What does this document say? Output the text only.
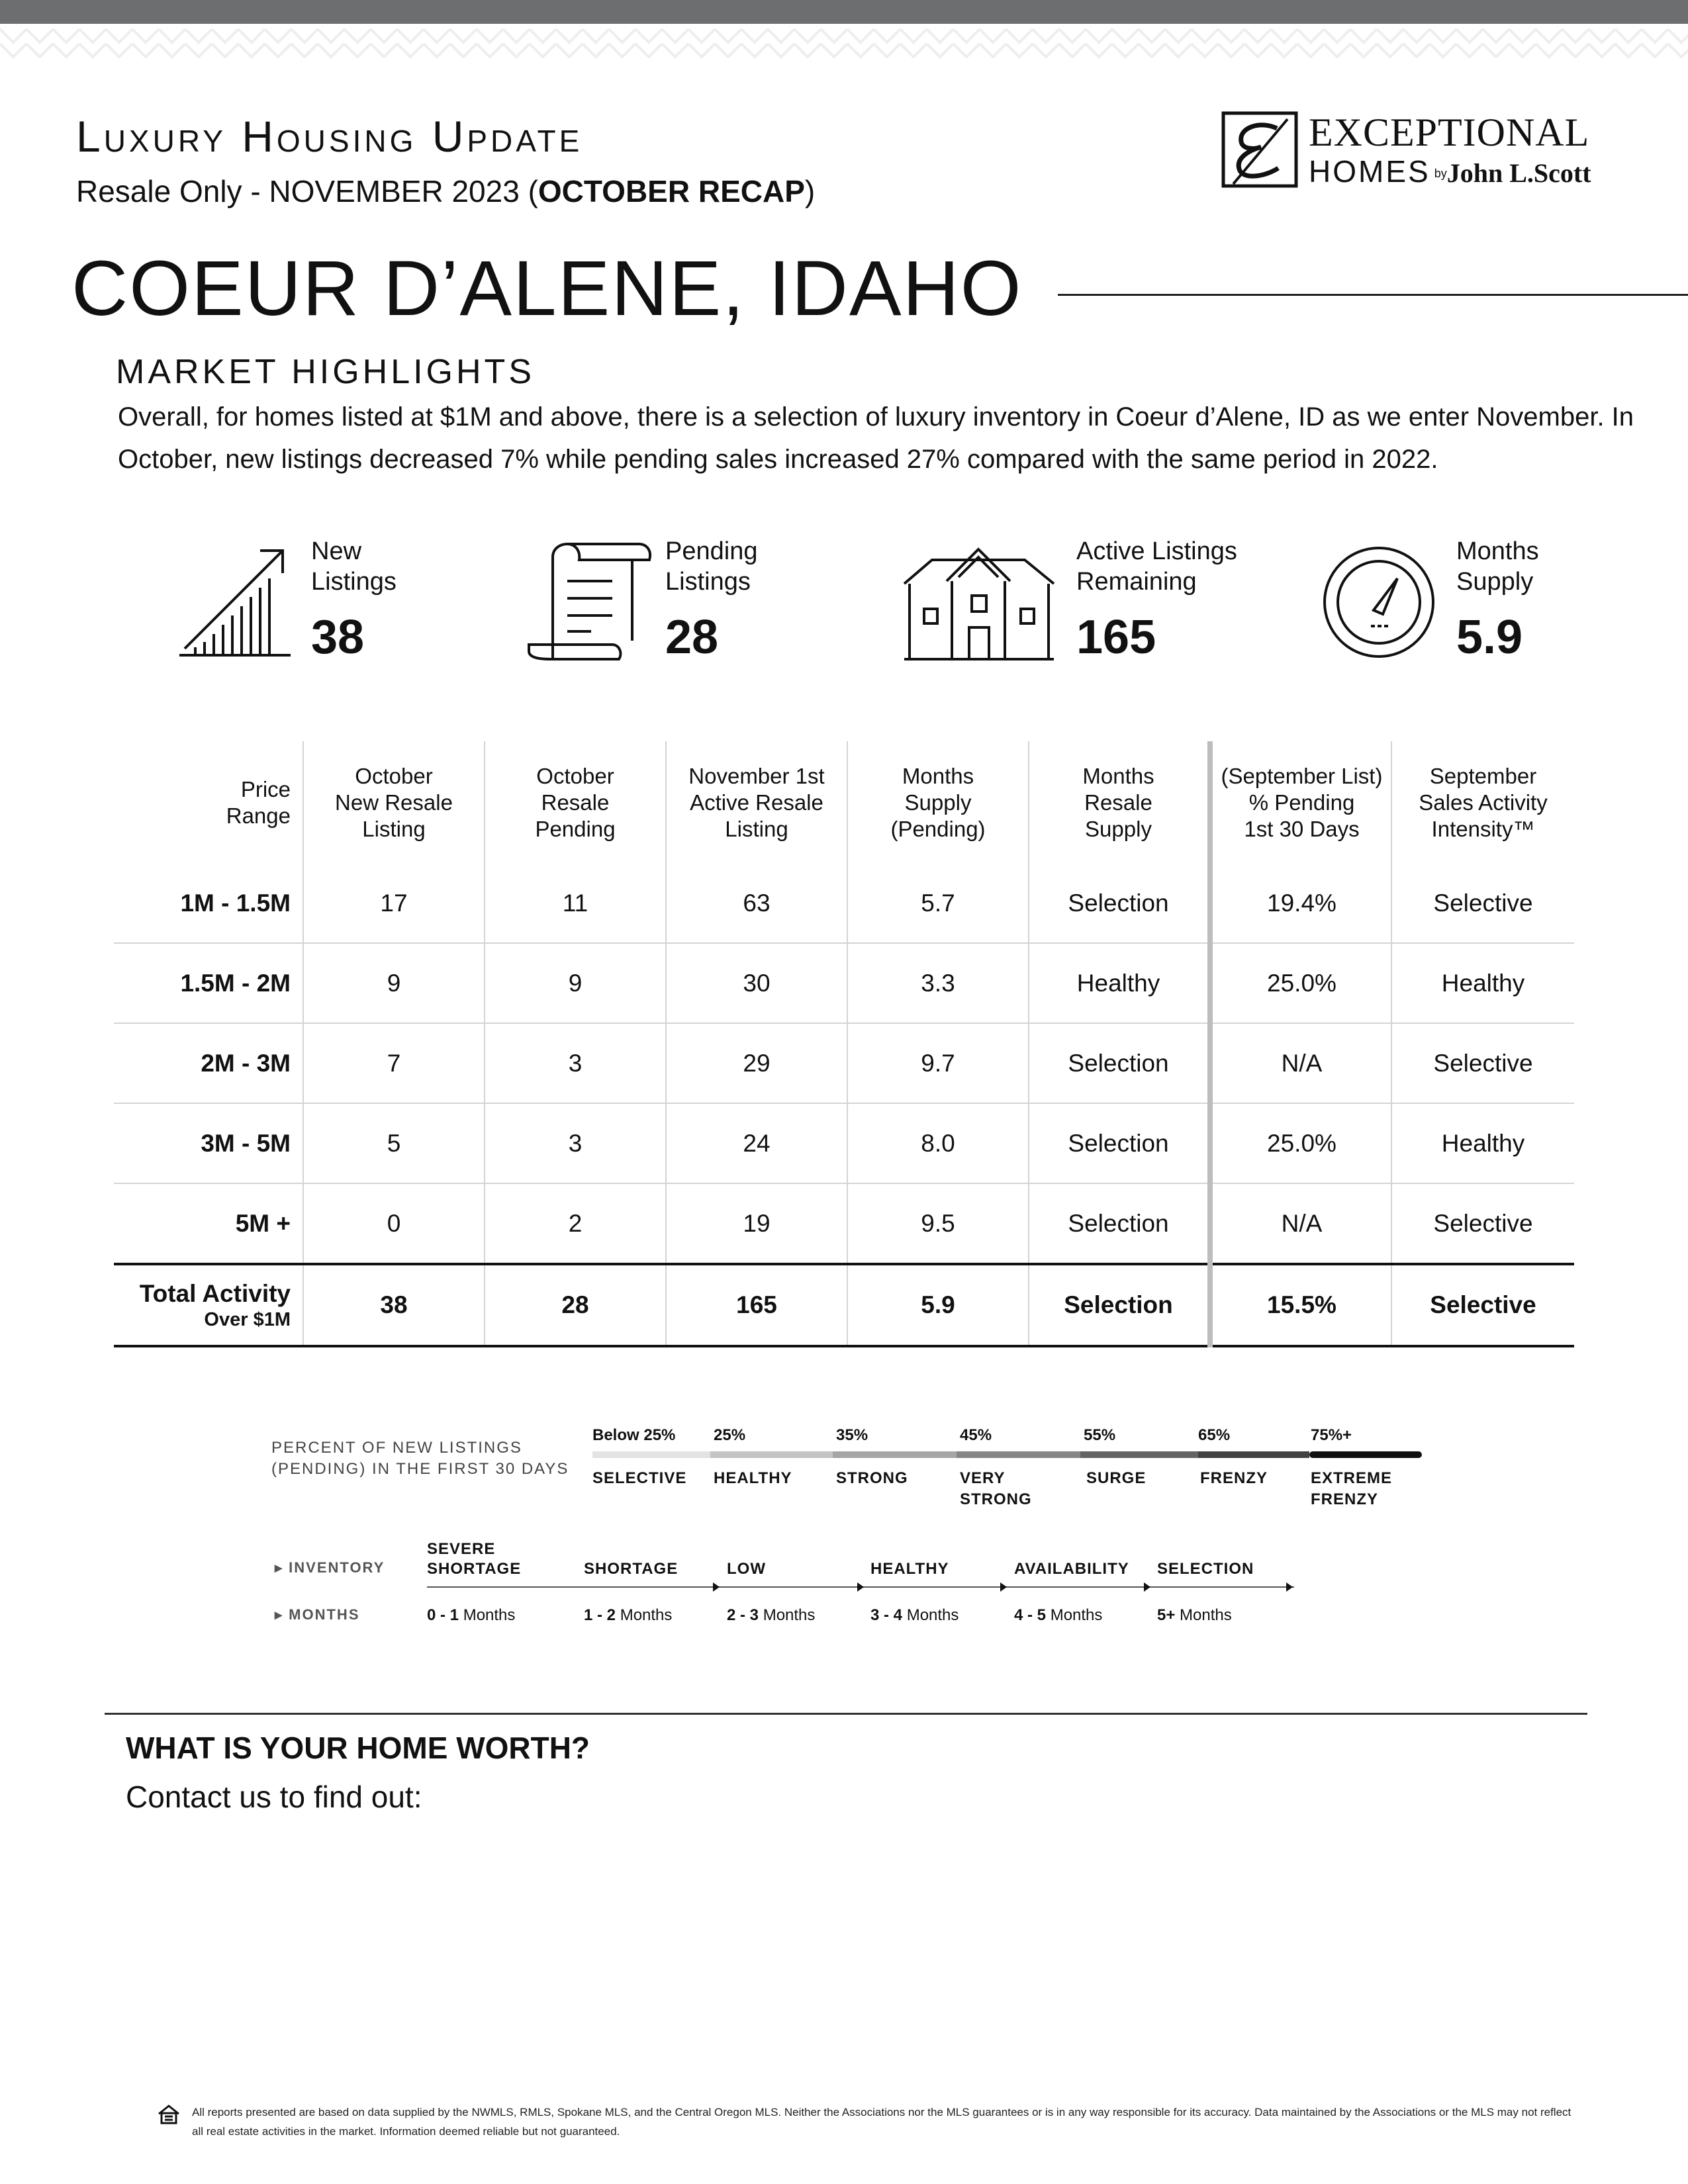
Luxury Housing Update
Resale Only - NOVEMBER 2023 (OCTOBER RECAP)
EXCEPTIONAL
HOMES byJohn L.Scott
COEUR D’ALENE, IDAHO
MARKET HIGHLIGHTS
Overall, for homes listed at $1M and above, there is a selection of luxury inventory in Coeur d’Alene, ID as we enter November. In October, new listings decreased 7% while pending sales increased 27% compared with the same period in 2022.
New
Listings
38
Pending
Listings
28
Active Listings
Remaining
165
Months
Supply
5.9
Price
Range	October
New Resale
Listing	October
Resale
Pending	November 1st
Active Resale
Listing	Months
Supply
(Pending)	Months
Resale
Supply	(September List)
% Pending
1st 30 Days	September
Sales Activity
Intensity™
1M - 1.5M	17	11	63	5.7	Selection	19.4%	Selective
1.5M - 2M	9	9	30	3.3	Healthy	25.0%	Healthy
2M - 3M	7	3	29	9.7	Selection	N/A	Selective
3M - 5M	5	3	24	8.0	Selection	25.0%	Healthy
5M +	0	2	19	9.5	Selection	N/A	Selective

Total Activity
Over $1M	38	28	165	5.9	Selection	15.5%	Selective
PERCENT OF NEW LISTINGS
(PENDING) IN THE FIRST 30 DAYS
Below 25% 25%	35%	45%	55%	65%	75%+
SELECTIVE HEALTHY	STRONG	VERY
STRONG
SURGE	FRENZY	EXTREME
FRENZY
▸ INVENTORY
▸ MONTHS
SEVERE
SHORTAGE	SHORTAGE	LOW	HEALTHY	AVAILABILITY SELECTION
0 - 1 Months	1 - 2 Months	2 - 3 Months	3 - 4 Months	4 - 5 Months	5+ Months
WHAT IS YOUR HOME WORTH?
Contact us to find out:
All reports presented are based on data supplied by the NWMLS, RMLS, Spokane MLS, and the Central Oregon MLS. Neither the Associations nor the MLS guarantees or is in any way responsible for its accuracy. Data maintained by the Associations or the MLS may not reflect all real estate activities in the market. Information deemed reliable but not guaranteed.
